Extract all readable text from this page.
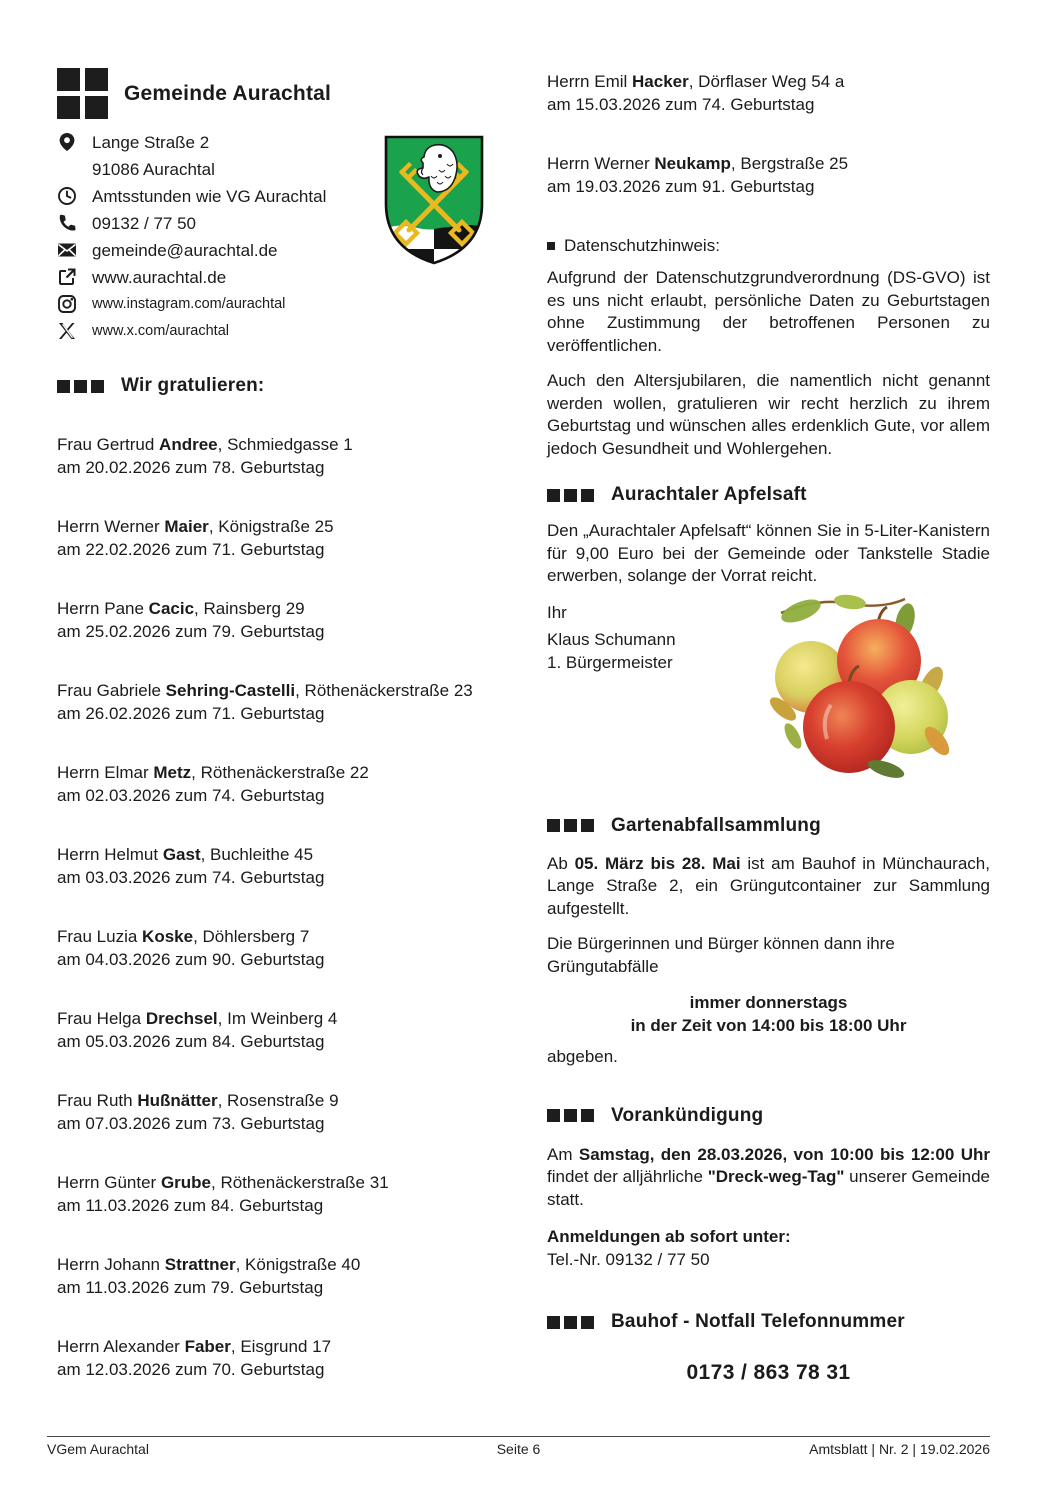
Gemeinde Aurachtal
Lange Straße 2
91086 Aurachtal
Amtsstunden wie VG Aurachtal
09132 / 77 50
gemeinde@aurachtal.de
www.aurachtal.de
www.instagram.com/aurachtal
www.x.com/aurachtal
Wir gratulieren:
Frau Gertrud Andree, Schmiedgasse 1
am 20.02.2026 zum 78. Geburtstag
Herrn Werner Maier, Königstraße 25
am 22.02.2026 zum 71. Geburtstag
Herrn Pane Cacic, Rainsberg 29
am 25.02.2026 zum 79. Geburtstag
Frau Gabriele Sehring-Castelli, Röthenäckerstraße 23
am 26.02.2026 zum 71. Geburtstag
Herrn Elmar Metz, Röthenäckerstraße 22
am 02.03.2026 zum 74. Geburtstag
Herrn Helmut Gast, Buchleithe 45
am 03.03.2026 zum 74. Geburtstag
Frau Luzia Koske, Döhlersberg 7
am 04.03.2026 zum 90. Geburtstag
Frau Helga Drechsel, Im Weinberg 4
am 05.03.2026 zum 84. Geburtstag
Frau Ruth Hußnätter, Rosenstraße 9
am 07.03.2026 zum 73. Geburtstag
Herrn Günter Grube, Röthenäckerstraße 31
am 11.03.2026 zum 84. Geburtstag
Herrn Johann Strattner, Königstraße 40
am 11.03.2026 zum 79. Geburtstag
Herrn Alexander Faber, Eisgrund 17
am 12.03.2026 zum 70. Geburtstag
Herrn Emil Hacker, Dörflaser Weg 54 a
am 15.03.2026 zum 74. Geburtstag
Herrn Werner Neukamp, Bergstraße 25
am 19.03.2026 zum 91. Geburtstag
Datenschutzhinweis:

Aufgrund der Datenschutzgrundverordnung (DS-GVO) ist es uns nicht erlaubt, persönliche Daten zu Geburtstagen ohne Zustimmung der betroffenen Personen zu veröffentlichen.

Auch den Altersjubilaren, die namentlich nicht genannt werden wollen, gratulieren wir recht herzlich zu ihrem Geburtstag und wünschen alles erdenklich Gute, vor allem jedoch Gesundheit und Wohlergehen.

Aurachtaler Apfelsaft

Den „Aurachtaler Apfelsaft“ können Sie in 5-Liter-Kanistern für 9,00 Euro bei der Gemeinde oder Tankstelle Stadie erwerben, solange der Vorrat reicht.

Ihr
Klaus Schumann
1. Bürgermeister
Gartenabfallsammlung

Ab 05. März bis 28. Mai ist am Bauhof in Münchaurach, Lange Straße 2, ein Grüngutcontainer zur Sammlung aufgestellt.

Die Bürgerinnen und Bürger können dann ihre Grüngutabfälle

immer donnerstags
in der Zeit von 14:00 bis 18:00 Uhr

abgeben.

Vorankündigung

Am Samstag, den 28.03.2026, von 10:00 bis 12:00 Uhr findet der alljährliche "Dreck-weg-Tag" unserer Gemeinde statt.

Anmeldungen ab sofort unter:
Tel.-Nr. 09132 / 77 50
Bauhof - Notfall Telefonnummer
0173 / 863 78 31
VGem Aurachtal	Seite 6	Amtsblatt | Nr. 2 | 19.02.2026
